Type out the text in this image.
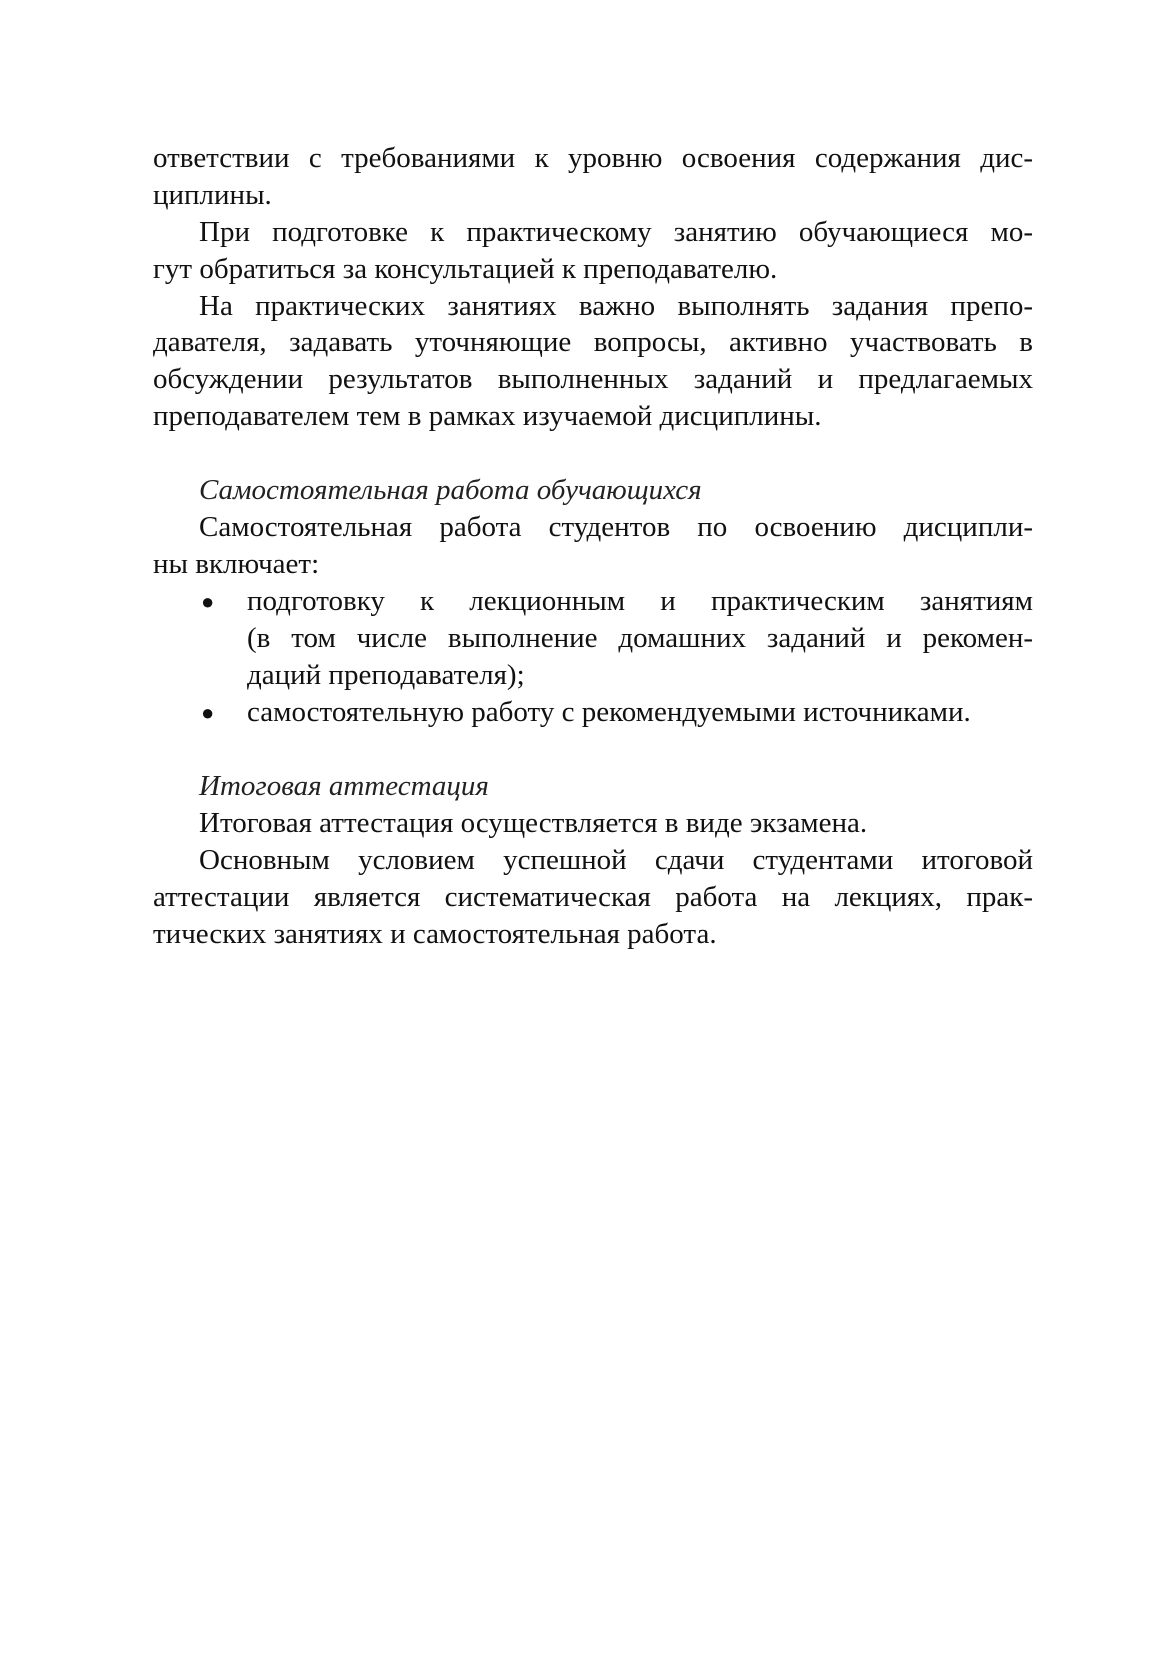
ответствии с требованиями к уровню освоения содержания дис-
циплины.
При подготовке к практическому занятию обучающиеся мо-
гут обратиться за консультацией к преподавателю.
На практических занятиях важно выполнять задания препо-
давателя, задавать уточняющие вопросы, активно участвовать в
обсуждении результатов выполненных заданий и предлагаемых
преподавателем тем в рамках изучаемой дисциплины.
Самостоятельная работа обучающихся
Самостоятельная работа студентов по освоению дисципли-
ны включает:
● подготовку к лекционным и практическим занятиям
(в том числе выполнение домашних заданий и рекомен-
даций преподавателя);
● самостоятельную работу с рекомендуемыми источниками.
Итоговая аттестация
Итоговая аттестация осуществляется в виде экзамена.
Основным условием успешной сдачи студентами итоговой
аттестации является систематическая работа на лекциях, прак-
тических занятиях и самостоятельная работа.
